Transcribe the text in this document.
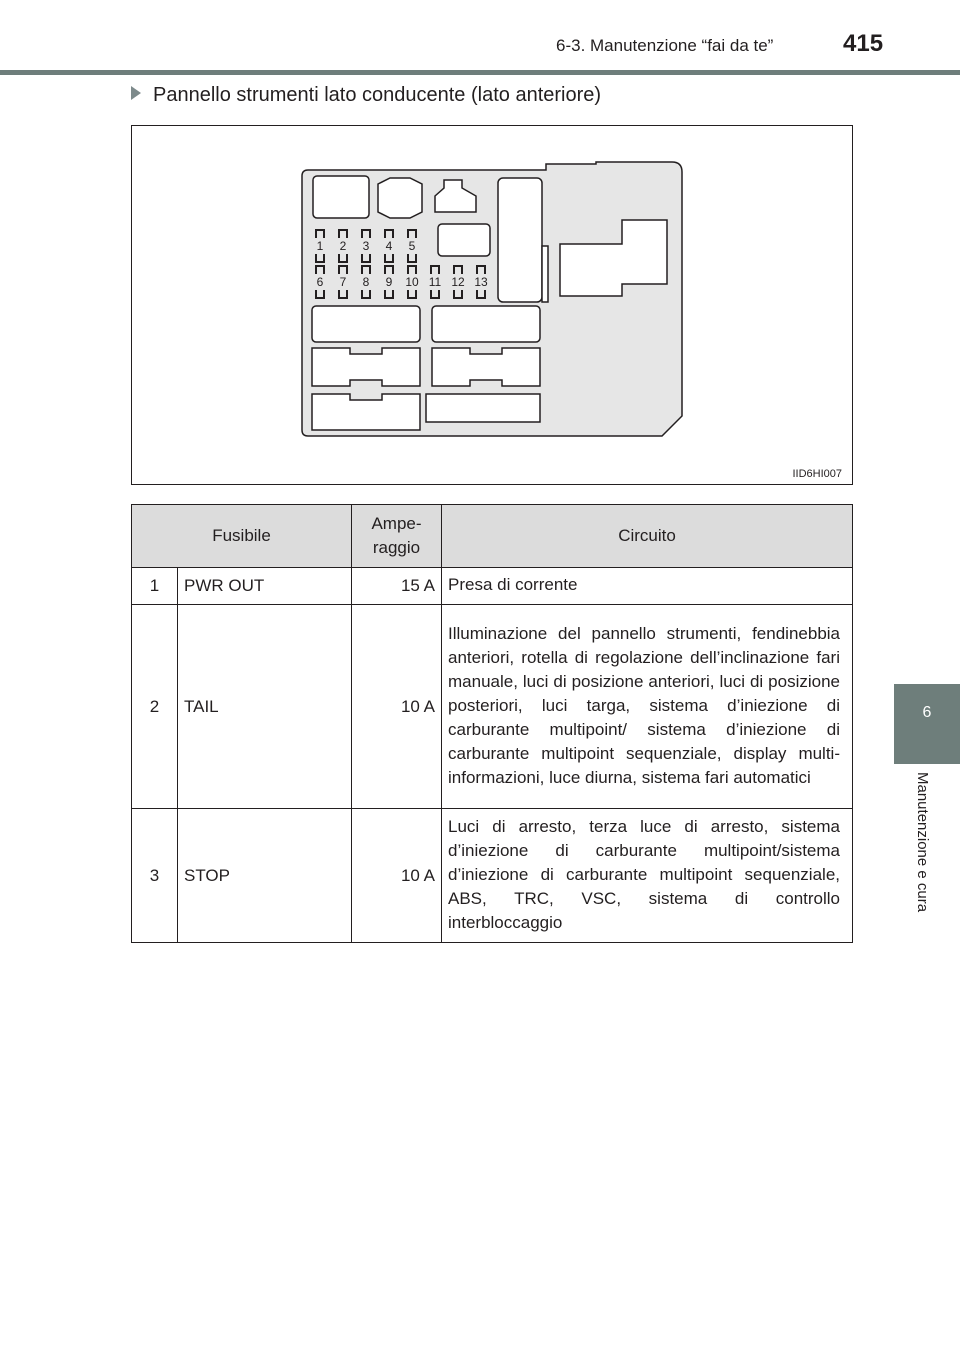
6-3. Manutenzione “fai da te”	415
6
Manutenzione e cura
Pannello strumenti lato conducente (lato anteriore)
1 2 3 4 5
6 7 8 9 10 11 12 13
IID6HI007
Fusibile		Ampe-
raggio	Circuito
1	PWR OUT	15 A	Presa di corrente
2	TAIL	10 A	Illuminazione del pannello strumenti, fendinebbia anteriori, rotella di regolazione dell’inclinazione fari manuale, luci di posizione anteriori, luci di posizione posteriori, luci targa, sistema d’iniezione di carburante multipoint/ sistema d’iniezione di carburante multipoint sequenziale, display multi-informazioni, luce diurna, sistema fari automatici
3	STOP	10 A	Luci di arresto, terza luce di arresto, sistema d’iniezione di carburante multipoint/sistema d’iniezione di carburante multipoint sequenziale, ABS, TRC, VSC, sistema di controllo interbloccaggio
